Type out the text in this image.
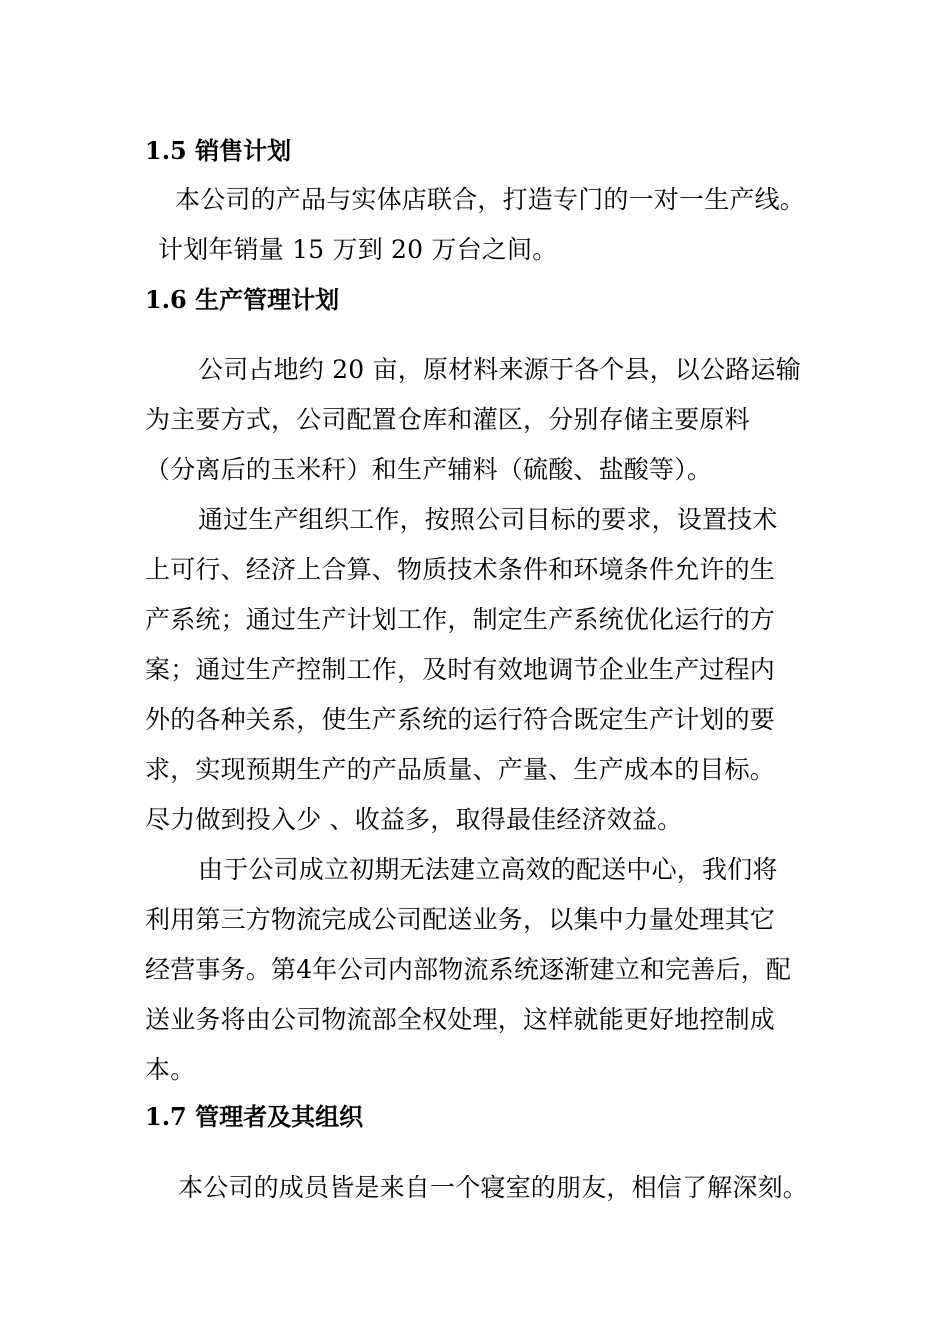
1.5 销售计划

本公司的产品与实体店联合，打造专门的一对一生产线。

计划年销量 15 万到 20 万台之间。

1.6 生产管理计划

公司占地约 20 亩，原材料来源于各个县，以公路运输

为主要方式，公司配置仓库和灌区，分别存储主要原料

（分离后的玉米秆）和生产辅料（硫酸、盐酸等）。

通过生产组织工作，按照公司目标的要求，设置技术

上可行、经济上合算、物质技术条件和环境条件允许的生

产系统；通过生产计划工作，制定生产系统优化运行的方

案；通过生产控制工作，及时有效地调节企业生产过程内

外的各种关系，使生产系统的运行符合既定生产计划的要

求，实现预期生产的产品质量、产量、生产成本的目标。

尽力做到投入少 、收益多，取得最佳经济效益。

由于公司成立初期无法建立高效的配送中心，我们将

利用第三方物流完成公司配送业务，以集中力量处理其它

经营事务。第4年公司内部物流系统逐渐建立和完善后，配

送业务将由公司物流部全权处理，这样就能更好地控制成

本。

1.7 管理者及其组织

本公司的成员皆是来自一个寝室的朋友，相信了解深刻。
